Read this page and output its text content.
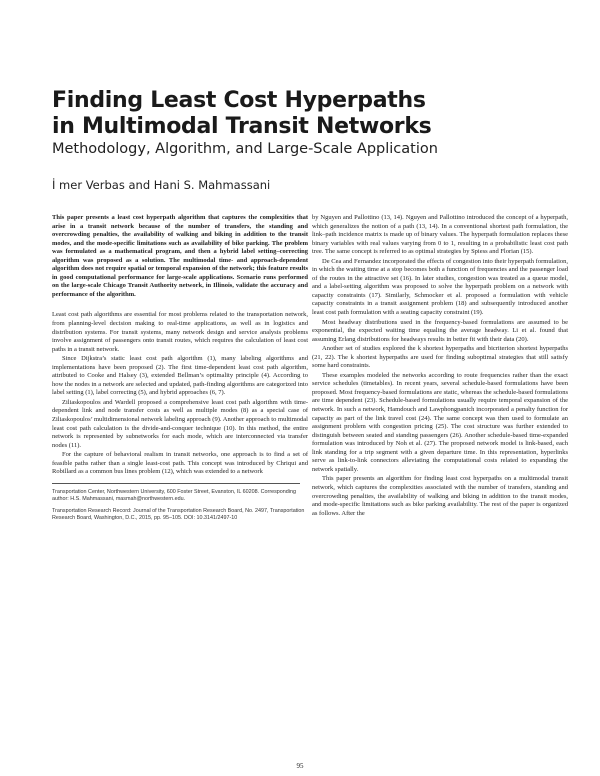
Finding Least Cost Hyperpaths
in Multimodal Transit Networks
Methodology, Algorithm, and Large-Scale Application
İ mer Verbas and Hani S. Mahmassani

This paper presents a least cost hyperpath algorithm that captures the complexities that arise in a transit network because of the number of transfers, the standing and overcrowding penalties, the availability of walking and biking in addition to the transit modes, and the mode-specific limitations such as availability of bike parking. The problem was formulated as a mathematical program, and then a hybrid label setting–correcting algorithm was proposed as a solution. The multimodal time- and approach-dependent algorithm does not require spatial or temporal expansion of the network; this feature results in good computational performance for large-scale applications. Scenario runs performed on the large-scale Chicago Transit Authority network, in Illinois, validate the accuracy and performance of the algorithm.

Least cost path algorithms are essential for most problems related to the transportation network, from planning-level decision making to real-time applications, as well as in logistics and distribution systems. For transit systems, many network design and service analysis problems involve assignment of passengers onto transit routes, which requires the calculation of least cost paths in a transit network.

Since Dijkstra’s static least cost path algorithm (1), many labeling algorithms and implementations have been proposed (2). The first time-dependent least cost path algorithm, attributed to Cooke and Halsey (3), extended Bellman’s optimality principle (4). According to how the nodes in a network are selected and updated, path-finding algorithms are categorized into label setting (1), label correcting (5), and hybrid approaches (6, 7).

Ziliaskopoulos and Wardell proposed a comprehensive least cost path algorithm with time-dependent link and node transfer costs as well as multiple modes (8) as a special case of Ziliaskopoulos’ multidimensional network labeling approach (9). Another approach to multimodal least cost path calculation is the divide-and-conquer technique (10). In this method, the entire network is represented by subnetworks for each mode, which are interconnected via transfer nodes (11).

For the capture of behavioral realism in transit networks, one approach is to find a set of feasible paths rather than a single least-cost path. This concept was introduced by Chriqui and Robillard as a common bus lines problem (12), which was extended to a network

Transportation Center, Northwestern University, 600 Foster Street, Evanston, IL 60208. Corresponding author: H.S. Mahmassani, masmah@northwestern.edu.

Transportation Research Record: Journal of the Transportation Research Board, No. 2497, Transportation Research Board, Washington, D.C., 2015, pp. 95–105. DOI: 10.3141/2497-10

by Nguyen and Pallottino (13, 14). Nguyen and Pallottino introduced the concept of a hyperpath, which generalizes the notion of a path (13, 14). In a conventional shortest path formulation, the link–path incidence matrix is made up of binary values. The hyperpath formulation replaces these binary variables with real values varying from 0 to 1, resulting in a probabilistic least cost path tree. The same concept is referred to as optimal strategies by Spiess and Florian (15).

De Cea and Fernandez incorporated the effects of congestion into their hyperpath formulation, in which the waiting time at a stop becomes both a function of frequencies and the passenger load of the routes in the attractive set (16). In later studies, congestion was treated as a queue model, and a label-setting algorithm was proposed to solve the hyperpath problem on a network with capacity constraints (17). Similarly, Schmocker et al. proposed a formulation with vehicle capacity constraints in a transit assignment problem (18) and subsequently introduced another least cost path formulation with a seating capacity constraint (19).

Most headway distributions used in the frequency-based formulations are assumed to be exponential, the expected waiting time equaling the average headway. Li et al. found that assuming Erlang distributions for headways results in better fit with their data (20).

Another set of studies explored the k shortest hyperpaths and bicriterion shortest hyperpaths (21, 22). The k shortest hyperpaths are used for finding suboptimal strategies that still satisfy some hard constraints.

These examples modeled the networks according to route frequencies rather than the exact service schedules (timetables). In recent years, several schedule-based formulations have been proposed. Most frequency-based formulations are static, whereas the schedule-based formulations are time dependent (23). Schedule-based formulations usually require temporal expansion of the network. In such a network, Hamdouch and Lawphongpanich incorporated a penalty function for capacity as part of the link travel cost (24). The same concept was then used to formulate an assignment problem with congestion pricing (25). The cost structure was further extended to distinguish between seated and standing passengers (26). Another schedule-based time-expanded formulation was introduced by Noh et al. (27). The proposed network model is link-based, each link standing for a trip segment with a given departure time. In this representation, hyperlinks serve as link-to-link connectors alleviating the computational costs related to expanding the network spatially.

This paper presents an algorithm for finding least cost hyperpaths on a multimodal transit network, which captures the complexities associated with the number of transfers, standing and overcrowding penalties, the availability of walking and biking in addition to the transit modes, and mode-specific limitations such as bike parking availability. The rest of the paper is organized as follows. After the

95
